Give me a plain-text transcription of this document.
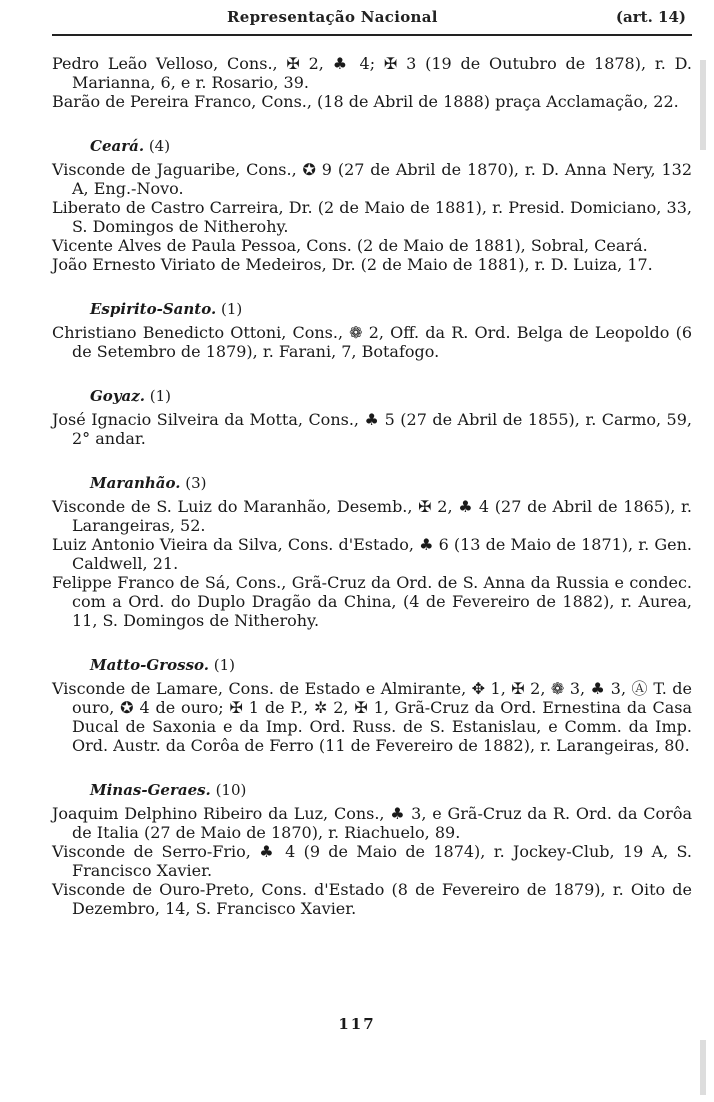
Representação Nacional	(art. 14)

Pedro Leão Velloso, Cons., ✠ 2, ♣ 4; ✠ 3 (19 de Outubro de 1878), r. D. Marianna, 6, e r. Rosario, 39.

Barão de Pereira Franco, Cons., (18 de Abril de 1888) praça Acclamação, 22.

Ceará. (4)

Visconde de Jaguaribe, Cons., ✪ 9 (27 de Abril de 1870), r. D. Anna Nery, 132 A, Eng.-Novo.

Liberato de Castro Carreira, Dr. (2 de Maio de 1881), r. Presid. Domiciano, 33, S. Domingos de Nitherohy.

Vicente Alves de Paula Pessoa, Cons. (2 de Maio de 1881), Sobral, Ceará.

João Ernesto Viriato de Medeiros, Dr. (2 de Maio de 1881), r. D. Luiza, 17.

Espirito-Santo. (1)

Christiano Benedicto Ottoni, Cons., ❁ 2, Off. da R. Ord. Belga de Leopoldo (6 de Setembro de 1879), r. Farani, 7, Botafogo.

Goyaz. (1)

José Ignacio Silveira da Motta, Cons., ♣ 5 (27 de Abril de 1855), r. Carmo, 59, 2° andar.

Maranhão. (3)

Visconde de S. Luiz do Maranhão, Desemb., ✠ 2, ♣ 4 (27 de Abril de 1865), r. Larangeiras, 52.

Luiz Antonio Vieira da Silva, Cons. d'Estado, ♣ 6 (13 de Maio de 1871), r. Gen. Caldwell, 21.

Felippe Franco de Sá, Cons., Grã-Cruz da Ord. de S. Anna da Russia e condec. com a Ord. do Duplo Dragão da China, (4 de Fevereiro de 1882), r. Aurea, 11, S. Domingos de Nitherohy.

Matto-Grosso. (1)

Visconde de Lamare, Cons. de Estado e Almirante, ✥ 1, ✠ 2, ❁ 3, ♣ 3, Ⓐ T. de ouro, ✪ 4 de ouro; ✠ 1 de P., ✲ 2, ✠ 1, Grã-Cruz da Ord. Ernestina da Casa Ducal de Saxonia e da Imp. Ord. Russ. de S. Estanislau, e Comm. da Imp. Ord. Austr. da Corôa de Ferro (11 de Fevereiro de 1882), r. Larangeiras, 80.

Minas-Geraes. (10)

Joaquim Delphino Ribeiro da Luz, Cons., ♣ 3, e Grã-Cruz da R. Ord. da Corôa de Italia (27 de Maio de 1870), r. Riachuelo, 89.

Visconde de Serro-Frio, ♣ 4 (9 de Maio de 1874), r. Jockey-Club, 19 A, S. Francisco Xavier.

Visconde de Ouro-Preto, Cons. d'Estado (8 de Fevereiro de 1879), r. Oito de Dezembro, 14, S. Francisco Xavier.

117
